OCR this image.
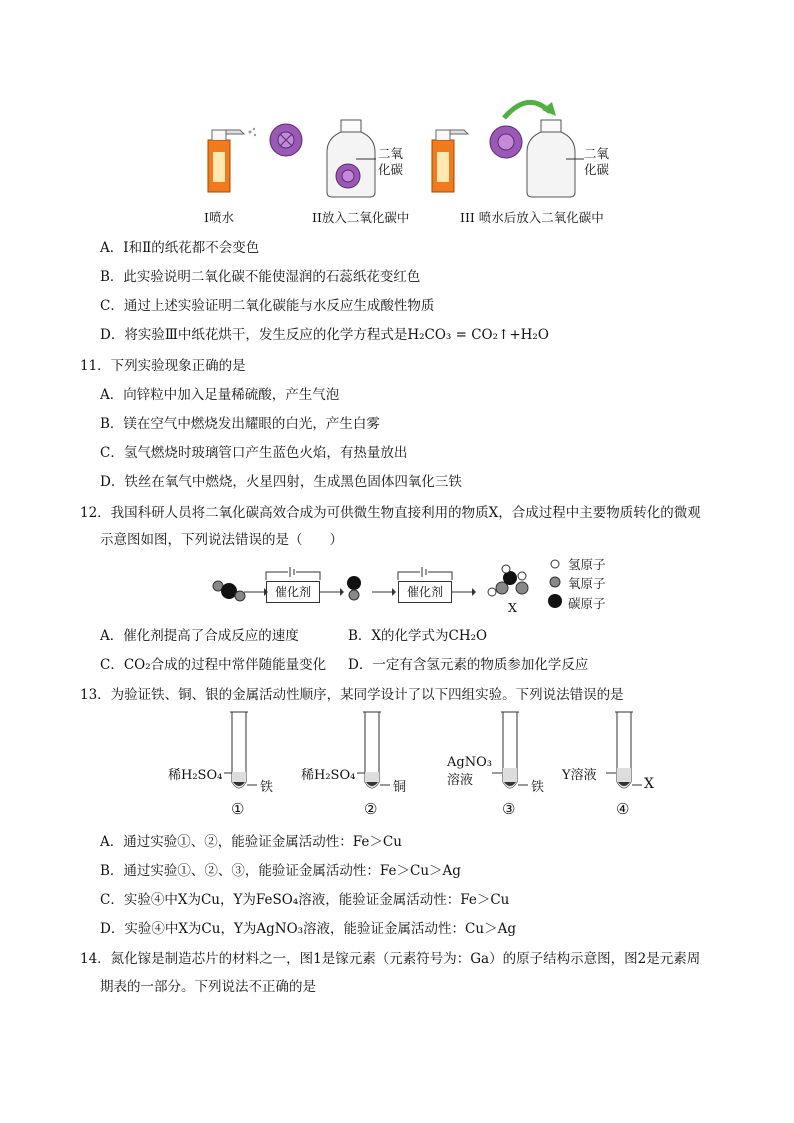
二氧
化碳
二氧
化碳
I喷水	II放入二氧化碳中	III 喷水后放入二氧化碳中
A．Ⅰ和Ⅱ的纸花都不会变色
B．此实验说明二氧化碳不能使湿润的石蕊纸花变红色
C．通过上述实验证明二氧化碳能与水反应生成酸性物质
D．将实验Ⅲ中纸花烘干，发生反应的化学方程式是H₂CO₃ = CO₂↑+H₂O
11．下列实验现象正确的是
A．向锌粒中加入足量稀硫酸，产生气泡
B．镁在空气中燃烧发出耀眼的白光，产生白雾
C．氢气燃烧时玻璃管口产生蓝色火焰，有热量放出
D．铁丝在氧气中燃烧，火星四射，生成黑色固体四氧化三铁
12．我国科研人员将二氧化碳高效合成为可供微生物直接利用的物质X，合成过程中主要物质转化的微观
示意图如图，下列说法错误的是（　　）
催化剂	催化剂
X
氢原子
氧原子
碳原子
A．催化剂提高了合成反应的速度	B．X的化学式为CH₂O
C．CO₂合成的过程中常伴随能量变化 D．一定有含氢元素的物质参加化学反应
13．为验证铁、铜、银的金属活动性顺序，某同学设计了以下四组实验。下列说法错误的是
稀H₂SO₄
铁
①
稀H₂SO₄
铜
②
AgNO₃
溶液	铁
③
Y溶液
X
④
A．通过实验①、②，能验证金属活动性：Fe＞Cu
B．通过实验①、②、③，能验证金属活动性：Fe＞Cu＞Ag
C．实验④中X为Cu，Y为FeSO₄溶液，能验证金属活动性：Fe＞Cu
D．实验④中X为Cu，Y为AgNO₃溶液，能验证金属活动性：Cu＞Ag
14．氮化镓是制造芯片的材料之一，图1是镓元素（元素符号为：Ga）的原子结构示意图，图2是元素周
期表的一部分。下列说法不正确的是
